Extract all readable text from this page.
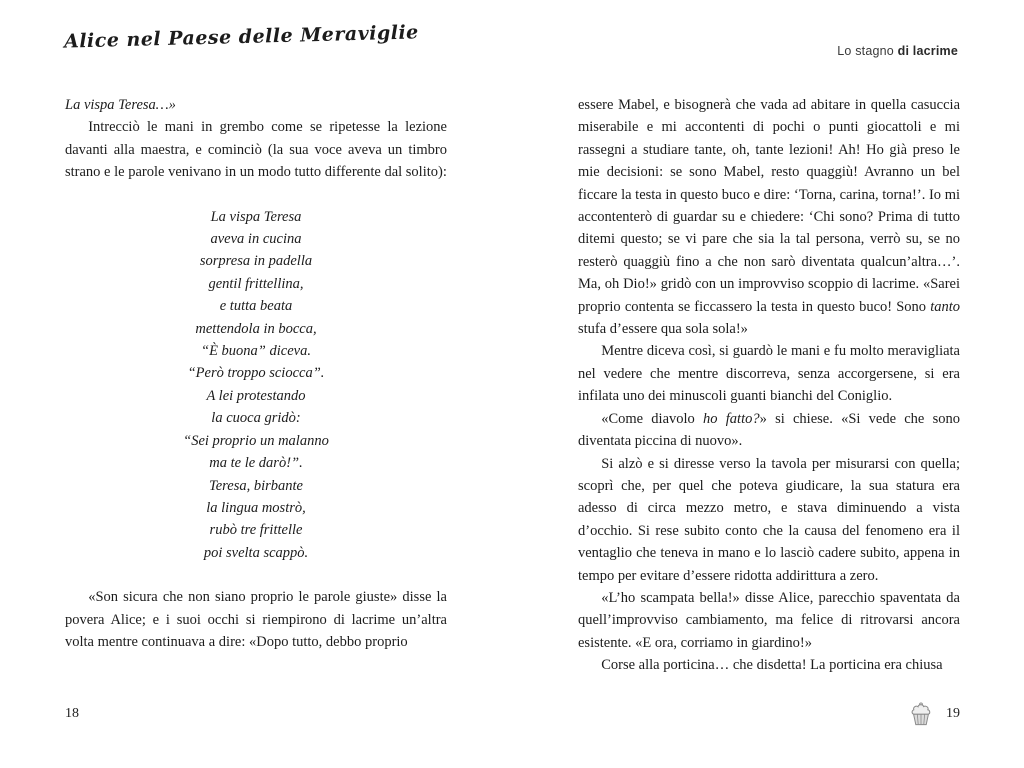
Alice nel Paese delle Meraviglie	Lo stagno di lacrime

La vispa Teresa…»

Intrecciò le mani in grembo come se ripetesse la lezione davanti alla maestra, e cominciò (la sua voce aveva un timbro strano e le parole venivano in un modo tutto differente dal solito):

La vispa Teresa
aveva in cucina
sorpresa in padella
gentil frittellina,
e tutta beata
mettendola in bocca,
“È buona” diceva.
“Però troppo sciocca”.
A lei protestando
la cuoca gridò:
“Sei proprio un malanno
ma te le darò!”.
Teresa, birbante
la lingua mostrò,
rubò tre frittelle
poi svelta scappò.

«Son sicura che non siano proprio le parole giuste» disse la povera Alice; e i suoi occhi si riempirono di lacrime un’altra volta mentre continuava a dire: «Dopo tutto, debbo proprio

essere Mabel, e bisognerà che vada ad abitare in quella casuccia miserabile e mi accontenti di pochi o punti giocattoli e mi rassegni a studiare tante, oh, tante lezioni! Ah! Ho già preso le mie decisioni: se sono Mabel, resto quaggiù! Avranno un bel ficcare la testa in questo buco e dire: ‘Torna, carina, torna!’. Io mi accontenterò di guardar su e chiedere: ‘Chi sono? Prima di tutto ditemi questo; se vi pare che sia la tal persona, verrò su, se no resterò quaggiù fino a che non sarò diventata qualcun’altra…’. Ma, oh Dio!» gridò con un improvviso scoppio di lacrime. «Sarei proprio contenta se ficcassero la testa in questo buco! Sono tanto stufa d’essere qua sola sola!»

Mentre diceva così, si guardò le mani e fu molto meravigliata nel vedere che mentre discorreva, senza accorgersene, si era infilata uno dei minuscoli guanti bianchi del Coniglio.

«Come diavolo ho fatto?» si chiese. «Si vede che sono diventata piccina di nuovo».

Si alzò e si diresse verso la tavola per misurarsi con quella; scoprì che, per quel che poteva giudicare, la sua statura era adesso di circa mezzo metro, e stava diminuendo a vista d’occhio. Si rese subito conto che la causa del fenomeno era il ventaglio che teneva in mano e lo lasciò cadere subito, appena in tempo per evitare d’essere ridotta addirittura a zero.

«L’ho scampata bella!» disse Alice, parecchio spaventata da quell’improvviso cambiamento, ma felice di ritrovarsi ancora esistente. «E ora, corriamo in giardino!»

Corse alla porticina… che disdetta! La porticina era chiusa

18	19
